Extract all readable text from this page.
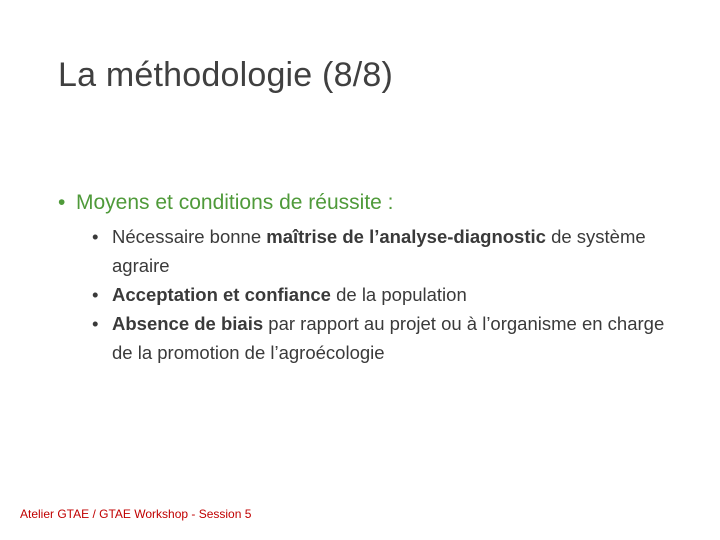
La méthodologie (8/8)
• Moyens et conditions de réussite :
• Nécessaire bonne maîtrise de l’analyse-diagnostic de système agraire
• Acceptation et confiance de la population
• Absence de biais par rapport au projet ou à l’organisme en charge de la promotion de l’agroécologie
Atelier GTAE / GTAE Workshop - Session 5
